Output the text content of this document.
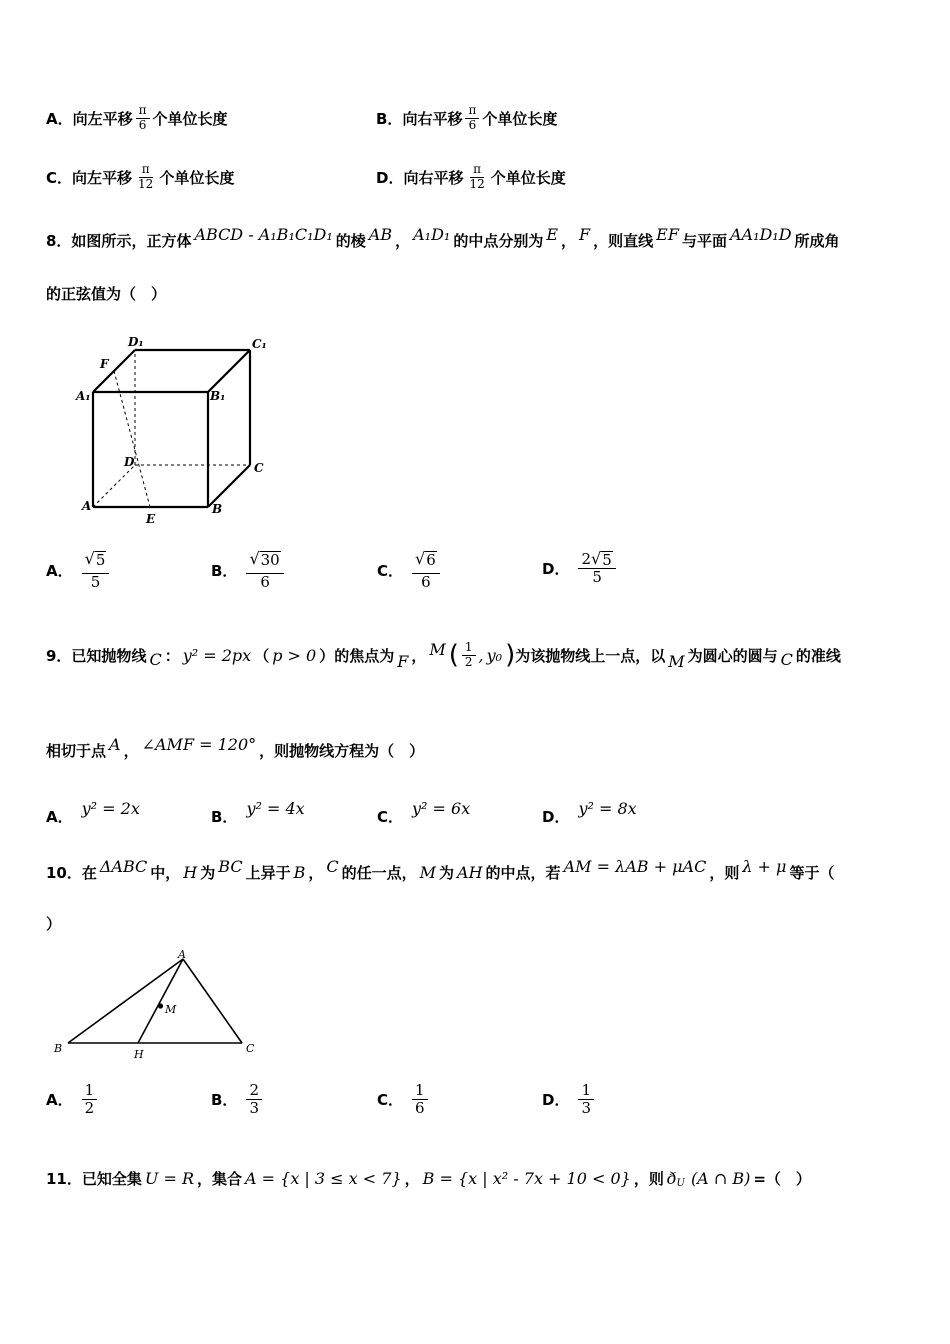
A． 向左平移 $\frac{\pi}{6}$ 个单位长度	B． 向右平移 $\frac{\pi}{6}$ 个单位长度
C． 向左平移 $\frac{\pi}{12}$ 个单位长度	D． 向右平移 $\frac{\pi}{12}$ 个单位长度
8．如图所示，正方体 ABCD - A₁B₁C₁D₁ 的棱 AB ， A₁D₁ 的中点分别为 E ， F ，则直线 EF 与平面 AA₁D₁D 所成角
的正弦值为（　）
D₁	C₁
F
A₁	B₁
D	C
A
E
B
A． $\frac{√ 5}{5}$	B． $\frac{√ 30}{6}$	C． $\frac{√ 6}{6}$	D． $\frac{2 √ 5}{5}$
9．已知抛物线 C ： y² = 2px （ p > 0 ）的焦点为 F ， M ( $\frac{1}{2}$ , y₀ ) 为该抛物线上一点，以 M 为圆心的圆与 C 的准线
相切于点 A ， ∠AMF = 120° ，则抛物线方程为（　）
A． y² = 2x	B． y² = 4x	C． y² = 6x	D． y² = 8x
10．在 ΔABC 中， H 为 BC 上异于 B ， C 的任一点， M 为 AH 的中点，若 AM = λAB + μAC ，则 λ + μ 等于（
）
A
M
B	H	C
A． $\frac{1}{2}$	B． $\frac{2}{3}$	C． $\frac{1}{6}$	D． $\frac{1}{3}$
11．已知全集 U = R ，集合 A = {x | 3 ≤ x < 7} ， B = {x | x² - 7x + 10 < 0} ，则 ð U (A ∩ B) =（　）
